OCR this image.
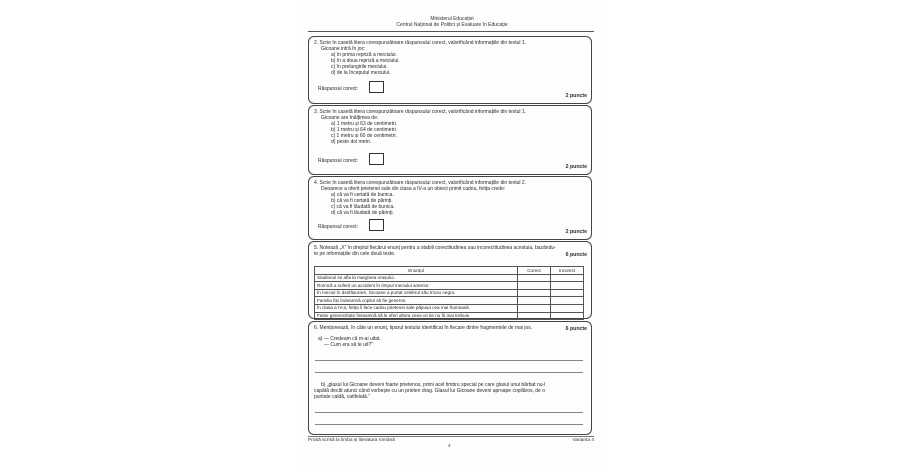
Ministerul Educației
Centrul Național de Politici și Evaluare în Educație
2. Scrie în casetă litera corespunzătoare răspunsului corect, valorificând informațiile din textul 1.
Gicoane intră în joc:
a) în prima repriză a meciului.
b) în a doua repriză a meciului.
c) în prelungirile meciului.
d) de la începutul meciului.
Răspunsul corect:
2 puncte
3. Scrie în casetă litera corespunzătoare răspunsului corect, valorificând informațiile din textul 1.
Gicoane are înălțimea de:
a) 1 metru și 63 de centimetri.
b) 1 metru și 64 de centimetri.
c) 1 metru și 60 de centimetri.
d) peste doi metri.
Răspunsul corect:
2 puncte
4. Scrie în casetă litera corespunzătoare răspunsului corect, valorificând informațiile din textul 2.
Deoarece a oferit prietenei sale din clasa a IV-a un obiect primit cadou, fetița crede:
a) că va fi certată de bunica.
b) că va fi certată de părinți.
c) că va fi lăudată de bunica.
d) că va fi lăudată de părinți.
Răspunsul corect:
2 puncte
5. Notează „X” în dreptul fiecărui enunț pentru a stabili corectitudinea sau incorectitudinea acestuia, bazându-te pe informațiile din cele două texte.	6 puncte
Enunțul	Corect	Incorect
Stadionul se afla la marginea orașului.		
Romică a suferit un accident în timpul meciului anterior.		
În meciul în desfășurare, Gicoane a purtat celebrul său tricou negru.		
Familia îtși îndeamnă copilul să fie generos.		
În clasa a IV-a, fetița îi face cadou prietenei sale păpușa cea mai frumoasă.		
Fatse generozitate înseamnă să le oferi altora ceea ce tie nu îti mai trebuie.		
6. Menționează, în câte un enunț, tiparul textului identificat în fiecare dintre fragmentele de mai jos.	6 puncte
a) — Credeam că m-ai uitat.
— Cum era să te uit?”
b) „glasul lui Gicoane deveni foarte prietenos, primi acel timbru special pe care glasul unui bărbat nu-l
capătă decât atunci când vorbește cu un prieten drag. Glasul lui Gicoane deveni aproape copilăros, de o
puritate caldă, catifelată.”
Probă scrisă la limba și literatura română
4
Varianta 4
